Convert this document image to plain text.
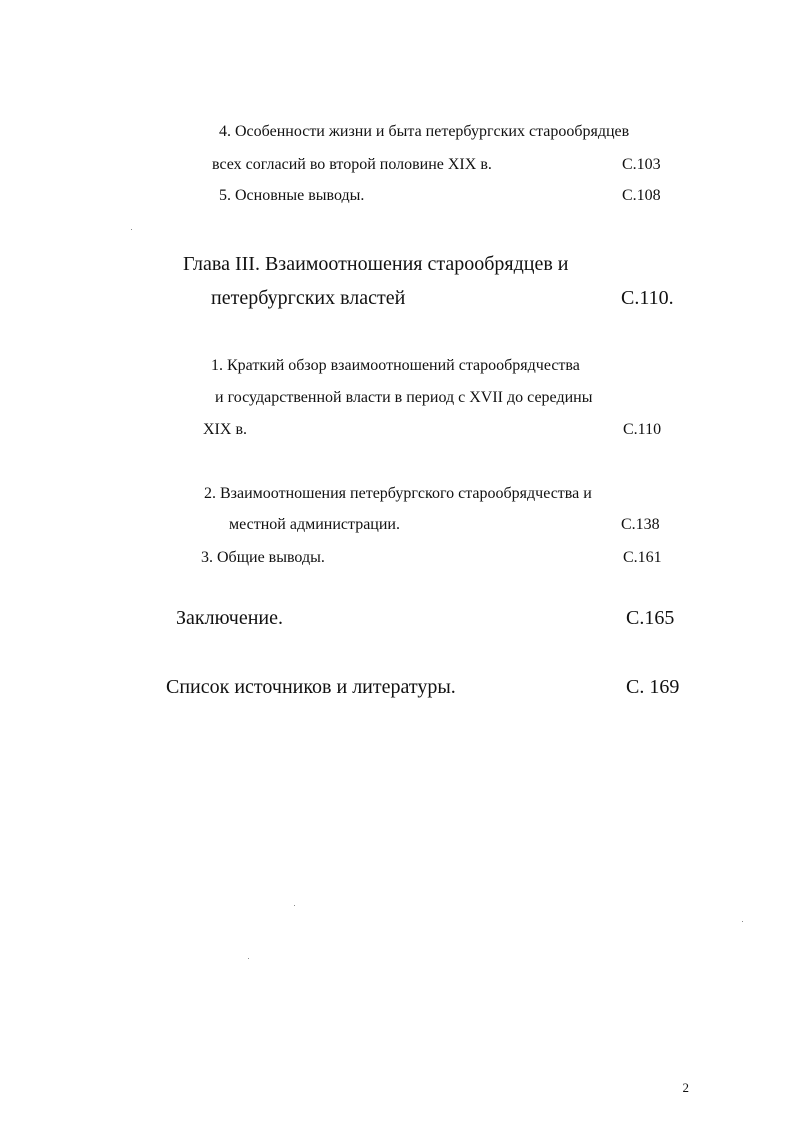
4. Особенности жизни и быта петербургских старообрядцев
всех согласий во второй половине XIX в.	С.103
5. Основные выводы.	С.108
Глава III. Взаимоотношения старообрядцев и
петербургских властей	С.110.
1. Краткий обзор взаимоотношений старообрядчества
и государственной власти в период с XVII до середины
XIX в.	С.110
2. Взаимоотношения петербургского старообрядчества и
местной администрации.	С.138
3. Общие выводы.	С.161
Заключение.	С.165
Список источников и литературы.	С. 169
2
